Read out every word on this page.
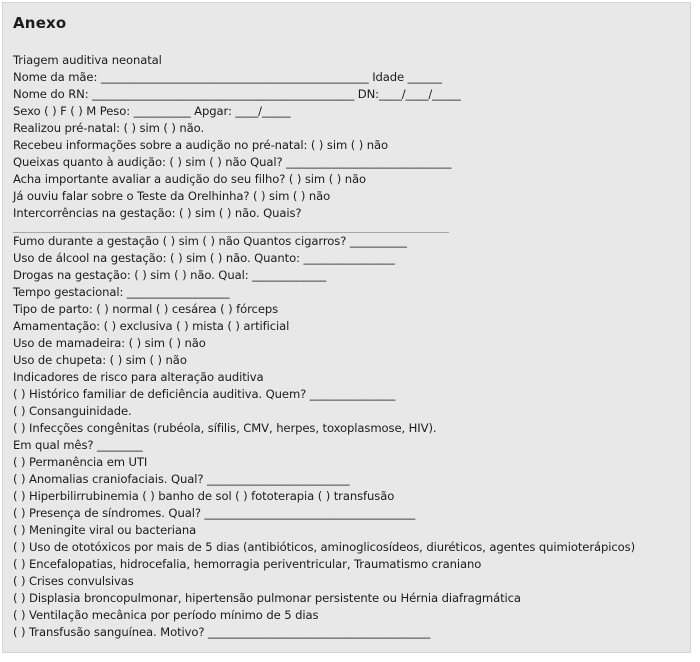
Anexo
Triagem auditiva neonatal
Nome da mãe: _______________________________________________ Idade ______
Nome do RN: ______________________________________________ DN:____/____/_____
Sexo ( ) F ( ) M Peso: __________ Apgar: ____/_____
Realizou pré-natal: ( ) sim ( ) não.
Recebeu informações sobre a audição no pré-natal: ( ) sim ( ) não
Queixas quanto à audição: ( ) sim ( ) não Qual? _____________________________
Acha importante avaliar a audição do seu filho? ( ) sim ( ) não
Já ouviu falar sobre o Teste da Orelhinha? ( ) sim ( ) não
Intercorrências na gestação: ( ) sim ( ) não. Quais?
Fumo durante a gestação ( ) sim ( ) não Quantos cigarros? __________
Uso de álcool na gestação: ( ) sim ( ) não. Quanto: ________________
Drogas na gestação: ( ) sim ( ) não. Qual: _____________
Tempo gestacional: __________________
Tipo de parto: ( ) normal ( ) cesárea ( ) fórceps
Amamentação: ( ) exclusiva ( ) mista ( ) artificial
Uso de mamadeira: ( ) sim ( ) não
Uso de chupeta: ( ) sim ( ) não
Indicadores de risco para alteração auditiva
( ) Histórico familiar de deficiência auditiva. Quem? _______________
( ) Consanguinidade.
( ) Infecções congênitas (rubéola, sífilis, CMV, herpes, toxoplasmose, HIV).
Em qual mês? ________
( ) Permanência em UTI
( ) Anomalias craniofaciais. Qual? _________________________
( ) Hiperbilirrubinemia ( ) banho de sol ( ) fototerapia ( ) transfusão
( ) Presença de síndromes. Qual? _____________________________________
( ) Meningite viral ou bacteriana
( ) Uso de ototóxicos por mais de 5 dias (antibióticos, aminoglicosídeos, diuréticos, agentes quimioterápicos)
( ) Encefalopatias, hidrocefalia, hemorragia periventricular, Traumatismo craniano
( ) Crises convulsivas
( ) Displasia broncopulmonar, hipertensão pulmonar persistente ou Hérnia diafragmática
( ) Ventilação mecânica por período mínimo de 5 dias
( ) Transfusão sanguínea. Motivo? _______________________________________
